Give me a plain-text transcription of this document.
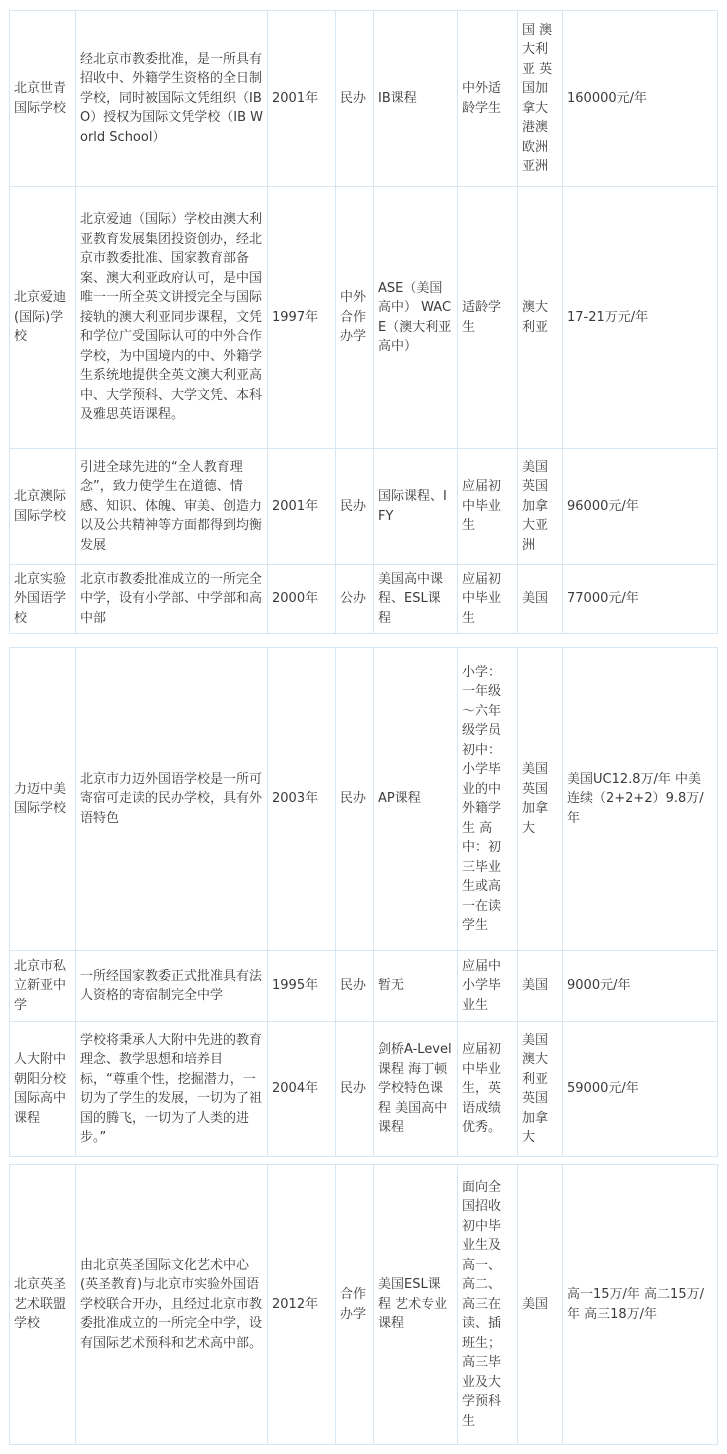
北京世青国际学校	经北京市教委批准，是一所具有招收中、外籍学生资格的全日制学校，同时被国际文凭组织（IBO）授权为国际文凭学校（IB World School）	2001年	民办	IB课程	中外适龄学生	国 澳大利亚 英国加拿大港澳欧洲亚洲	160000元/年
北京爱迪(国际)学校	北京爱迪（国际）学校由澳大利亚教育发展集团投资创办，经北京市教委批准、国家教育部备案、澳大利亚政府认可，是中国唯一一所全英文讲授完全与国际接轨的澳大利亚同步课程，文凭和学位广受国际认可的中外合作学校，为中国境内的中、外籍学生系统地提供全英文澳大利亚高中、大学预科、大学文凭、本科及雅思英语课程。	1997年	中外合作办学	ASE（美国高中） WACE（澳大利亚高中）	适龄学生	澳大利亚	17-21万元/年
北京澳际国际学校	引进全球先进的“全人教育理念”，致力使学生在道德、情感、知识、体魄、审美、创造力以及公共精神等方面都得到均衡发展	2001年	民办	国际课程、IFY	应届初中毕业生	美国 英国加拿大亚洲	96000元/年
北京实验外国语学校	北京市教委批准成立的一所完全中学，设有小学部、中学部和高中部	2000年	公办	美国高中课程、ESL课程	应届初中毕业生	美国	77000元/年
力迈中美国际学校	北京市力迈外国语学校是一所可寄宿可走读的民办学校，具有外语特色	2003年	民办	AP课程	小学：一年级～六年级学员 初中：小学毕业的中外籍学生 高中：初三毕业生或高一在读学生	美国 英国加拿大	美国UC12.8万/年 中美连续（2+2+2）9.8万/年
北京市私立新亚中学	一所经国家教委正式批准具有法人资格的寄宿制完全中学	1995年	民办	暂无	应届中小学毕业生	美国	9000元/年
人大附中朝阳分校国际高中课程	学校将秉承人大附中先进的教育理念、教学思想和培养目标，“尊重个性，挖掘潜力，一切为了学生的发展，一切为了祖国的腾飞，一切为了人类的进步。”	2004年	民办	剑桥A-Level课程 海丁顿学校特色课程 美国高中课程	应届初中毕业生，英语成绩优秀。	美国 澳大利亚 英国加拿大	59000元/年
北京英圣艺术联盟学校	由北京英圣国际文化艺术中心(英圣教育)与北京市实验外国语学校联合开办，且经过北京市教委批准成立的一所完全中学，设有国际艺术预科和艺术高中部。	2012年	合作办学	美国ESL课程 艺术专业课程	面向全国招收初中毕业生及高一、高二、高三在读、插班生；高三毕业及大学预科生	美国	高一15万/年 高二15万/年 高三18万/年
